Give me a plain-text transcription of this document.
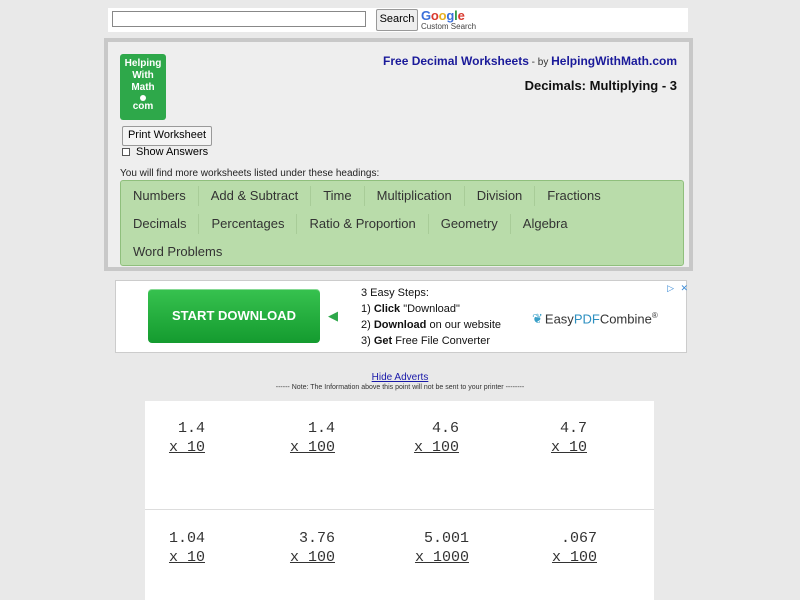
Search Google
Custom Search
Helping
With
Math
com
Free Decimal Worksheets - by HelpingWithMath.com
Decimals: Multiplying - 3
Print Worksheet
Show Answers
You will find more worksheets listed under these headings:
Numbers	Add & Subtract	Time	Multiplication	Division	Fractions
Decimals	Percentages	Ratio & Proportion	Geometry	Algebra
Word Problems
START DOWNLOAD	◀
3 Easy Steps:
1) Click "Download"
2) Download on our website
3) Get Free File Converter
❦ EasyPDFCombine®
▷ ✕
Hide Adverts
------ Note: The Information above this point will not be sent to your printer --------
1.4
x 10
1.4
x 100
4.6
x 100
4.7
x 10
1.04
x 10
3.76
x 100
5.001
x 1000
.067
x 100
